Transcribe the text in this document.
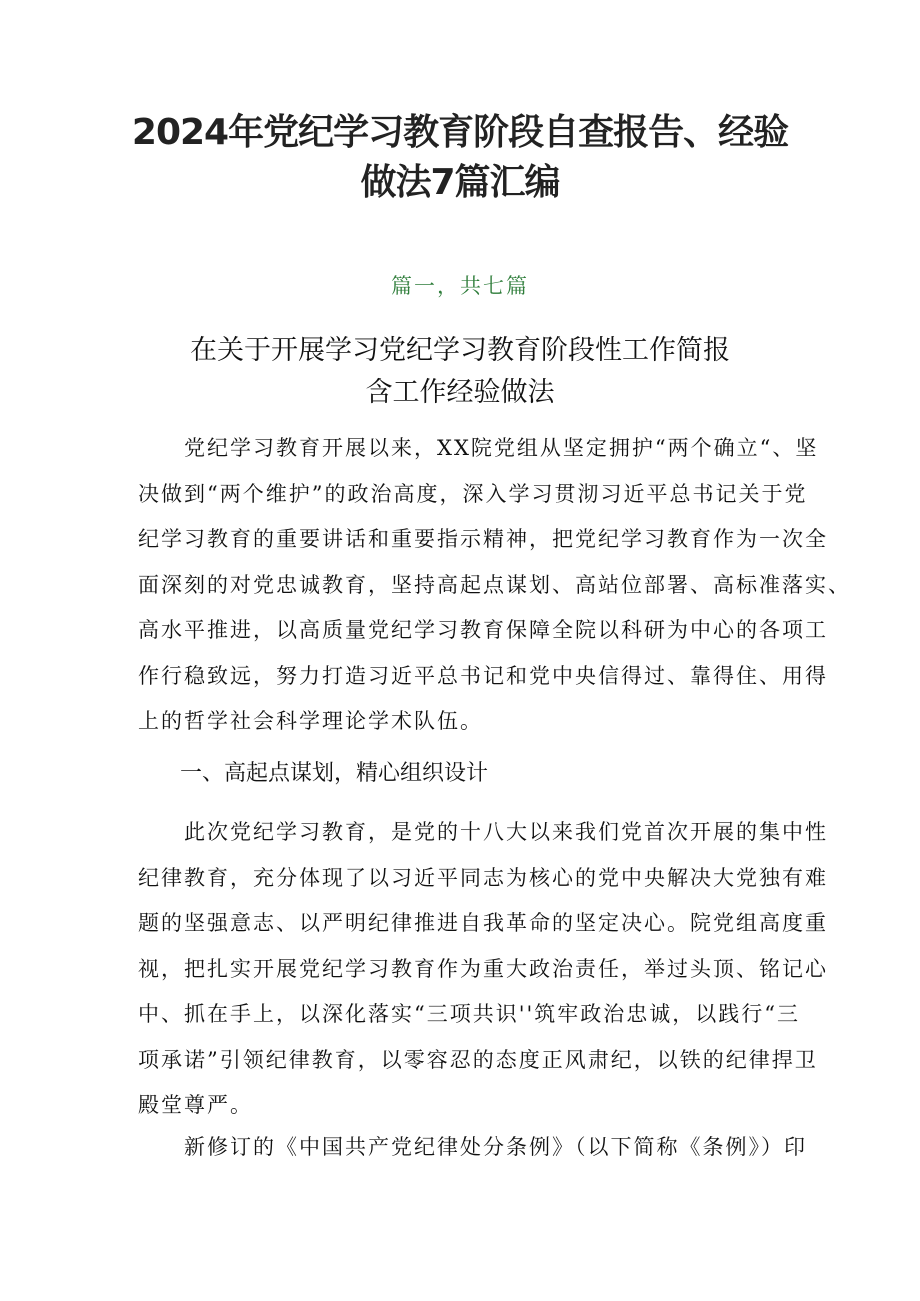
2024年党纪学习教育阶段自查报告、经验
做法7篇汇编
篇一，共七篇
在关于开展学习党纪学习教育阶段性工作简报
含工作经验做法

党纪学习教育开展以来，XX院党组从坚定拥护“两个确立“、坚
决做到“两个维护”的政治高度，深入学习贯沏习近平总书记关于党
纪学习教育的重要讲话和重要指示精神，把党纪学习教育作为一次全
面深刻的对党忠诚教育，坚持高起点谋划、高站位部署、高标准落实、
高水平推进，以高质量党纪学习教育保障全院以科研为中心的各项工
作行稳致远，努力打造习近平总书记和党中央信得过、靠得住、用得
上的哲学社会科学理论学术队伍。

一、高起点谋划，精心组织设计

此次党纪学习教育，是党的十八大以来我们党首次开展的集中性
纪律教育，充分体现了以习近平同志为核心的党中央解决大党独有难
题的坚强意志、以严明纪律推进自我革命的坚定决心。院党组高度重
视，把扎实开展党纪学习教育作为重大政治责任，举过头顶、铭记心
中、抓在手上，以深化落实“三项共识''筑牢政治忠诚，以践行“三
项承诺”引领纪律教育，以零容忍的态度正风肃纪，以铁的纪律捍卫
殿堂尊严。

新修订的《中国共产党纪律处分条例》（以下简称《条例》）印
